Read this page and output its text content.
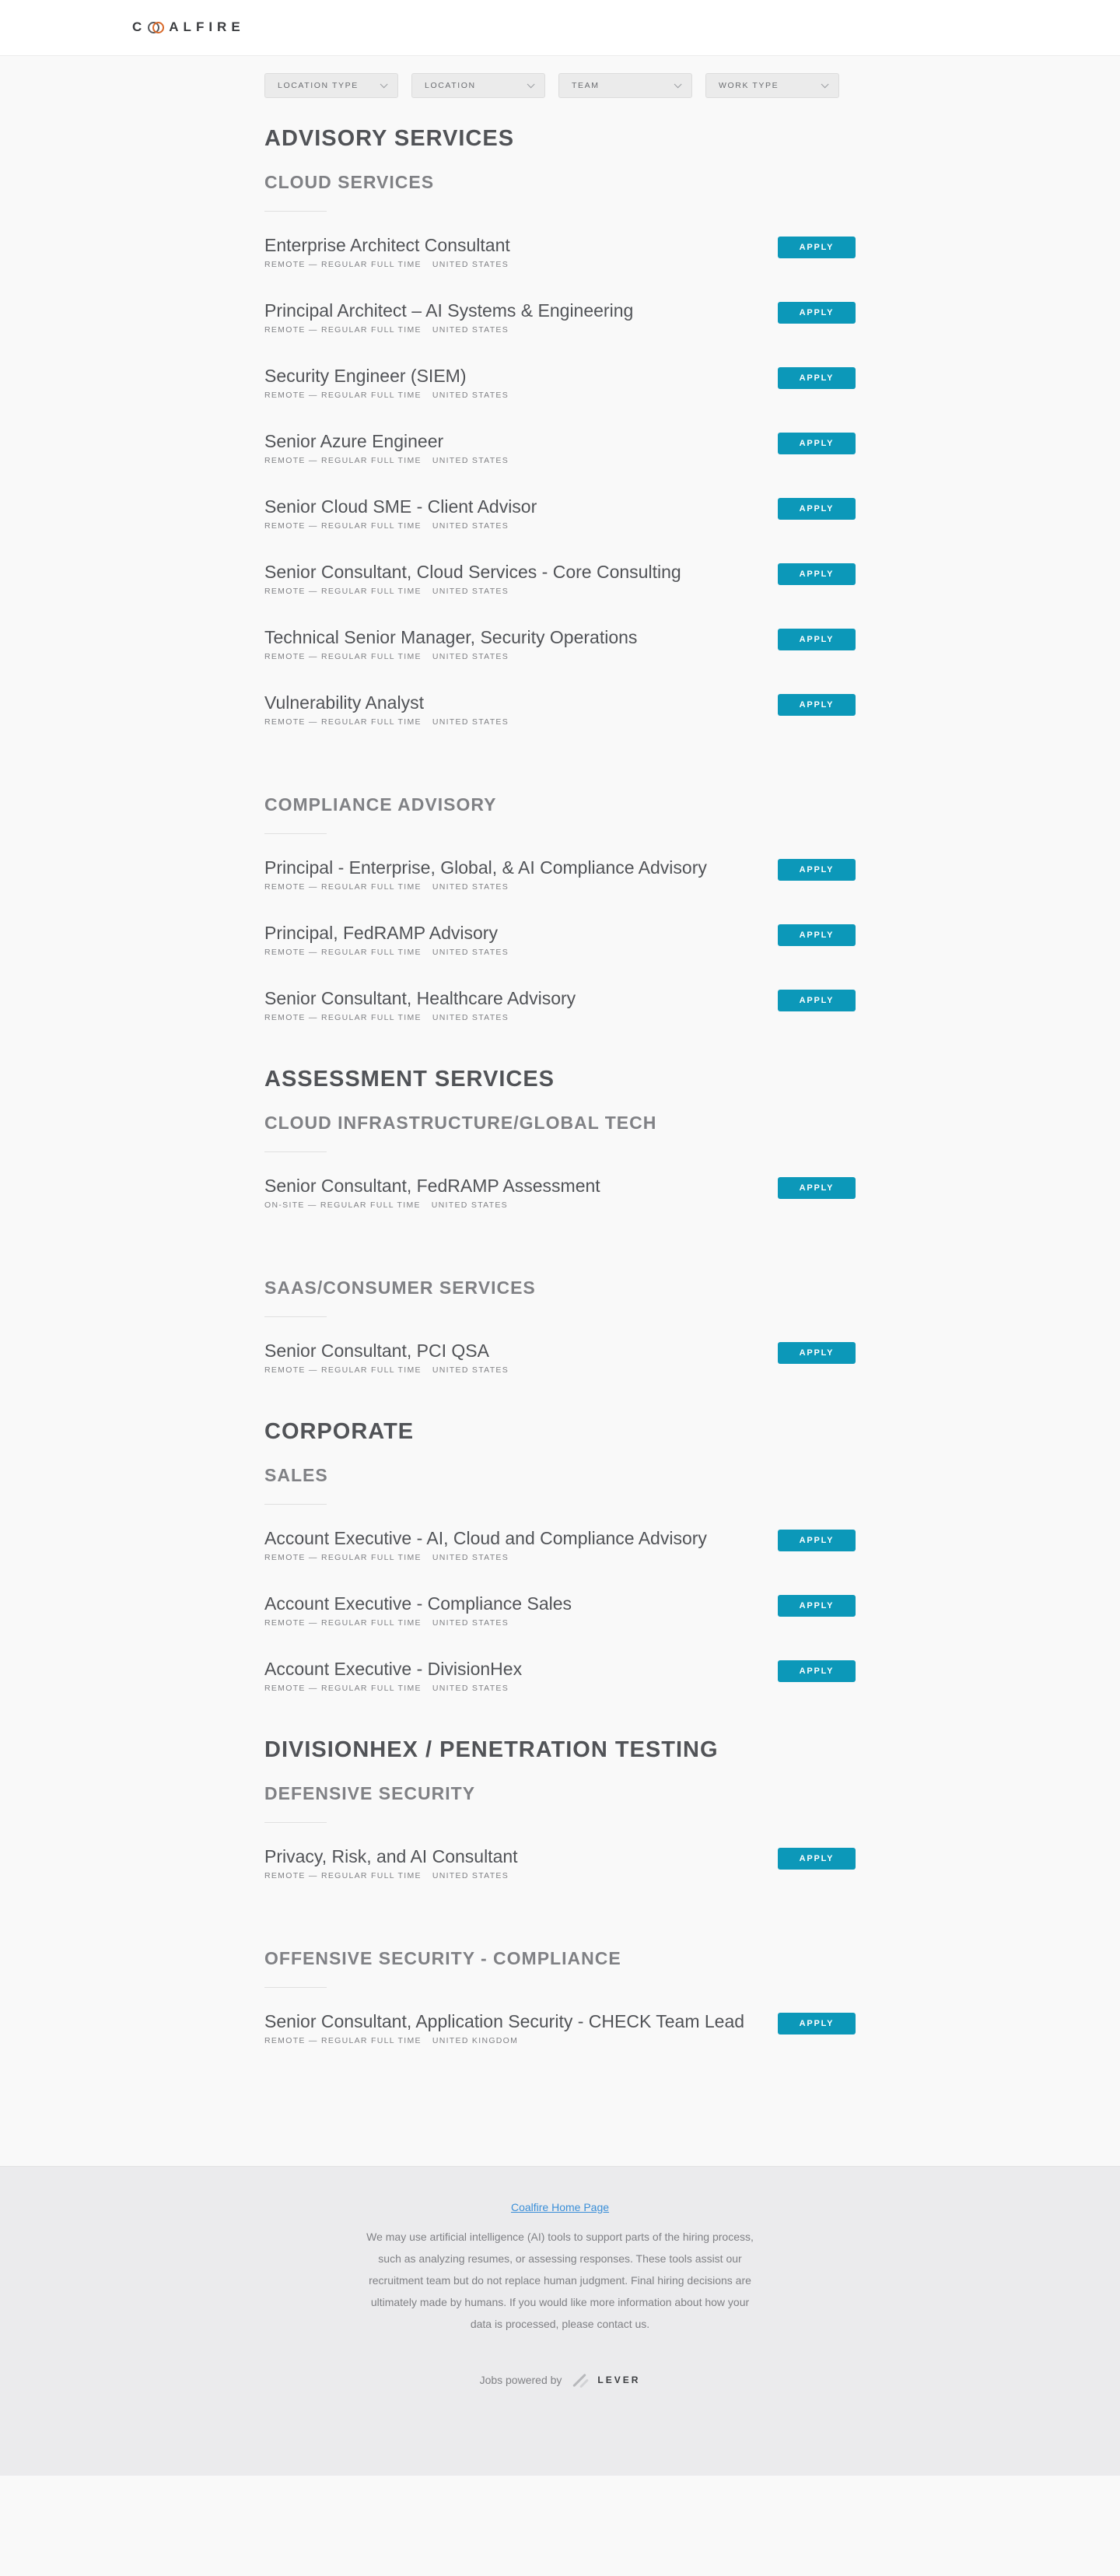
C ALFIRE
LOCATION TYPE	LOCATION	TEAM	WORK TYPE
ADVISORY SERVICES
CLOUD SERVICES
Enterprise Architect Consultant
REMOTE — REGULAR FULL TIME UNITED STATES
APPLY
Principal Architect – AI Systems & Engineering
REMOTE — REGULAR FULL TIME UNITED STATES
APPLY
Security Engineer (SIEM)
REMOTE — REGULAR FULL TIME UNITED STATES
APPLY
Senior Azure Engineer
REMOTE — REGULAR FULL TIME UNITED STATES
APPLY
Senior Cloud SME - Client Advisor
REMOTE — REGULAR FULL TIME UNITED STATES
APPLY
Senior Consultant, Cloud Services - Core Consulting
REMOTE — REGULAR FULL TIME UNITED STATES
APPLY
Technical Senior Manager, Security Operations
REMOTE — REGULAR FULL TIME UNITED STATES
APPLY
Vulnerability Analyst
REMOTE — REGULAR FULL TIME UNITED STATES
APPLY
COMPLIANCE ADVISORY
Principal - Enterprise, Global, & AI Compliance Advisory
REMOTE — REGULAR FULL TIME UNITED STATES
APPLY
Principal, FedRAMP Advisory
REMOTE — REGULAR FULL TIME UNITED STATES
APPLY
Senior Consultant, Healthcare Advisory
REMOTE — REGULAR FULL TIME UNITED STATES
APPLY
ASSESSMENT SERVICES
CLOUD INFRASTRUCTURE/GLOBAL TECH
Senior Consultant, FedRAMP Assessment
ON-SITE — REGULAR FULL TIME UNITED STATES
APPLY
SAAS/CONSUMER SERVICES
Senior Consultant, PCI QSA
REMOTE — REGULAR FULL TIME UNITED STATES
APPLY
CORPORATE
SALES
Account Executive - AI, Cloud and Compliance Advisory
REMOTE — REGULAR FULL TIME UNITED STATES
APPLY
Account Executive - Compliance Sales
REMOTE — REGULAR FULL TIME UNITED STATES
APPLY
Account Executive - DivisionHex
REMOTE — REGULAR FULL TIME UNITED STATES
APPLY
DIVISIONHEX / PENETRATION TESTING
DEFENSIVE SECURITY
Privacy, Risk, and AI Consultant
REMOTE — REGULAR FULL TIME UNITED STATES
APPLY
OFFENSIVE SECURITY - COMPLIANCE
Senior Consultant, Application Security - CHECK Team Lead
REMOTE — REGULAR FULL TIME UNITED KINGDOM
APPLY
Coalfire Home Page

We may use artificial intelligence (AI) tools to support parts of the hiring process, such as analyzing resumes, or assessing responses. These tools assist our recruitment team but do not replace human judgment. Final hiring decisions are ultimately made by humans. If you would like more information about how your data is processed, please contact us.

Jobs powered by	LEVER
